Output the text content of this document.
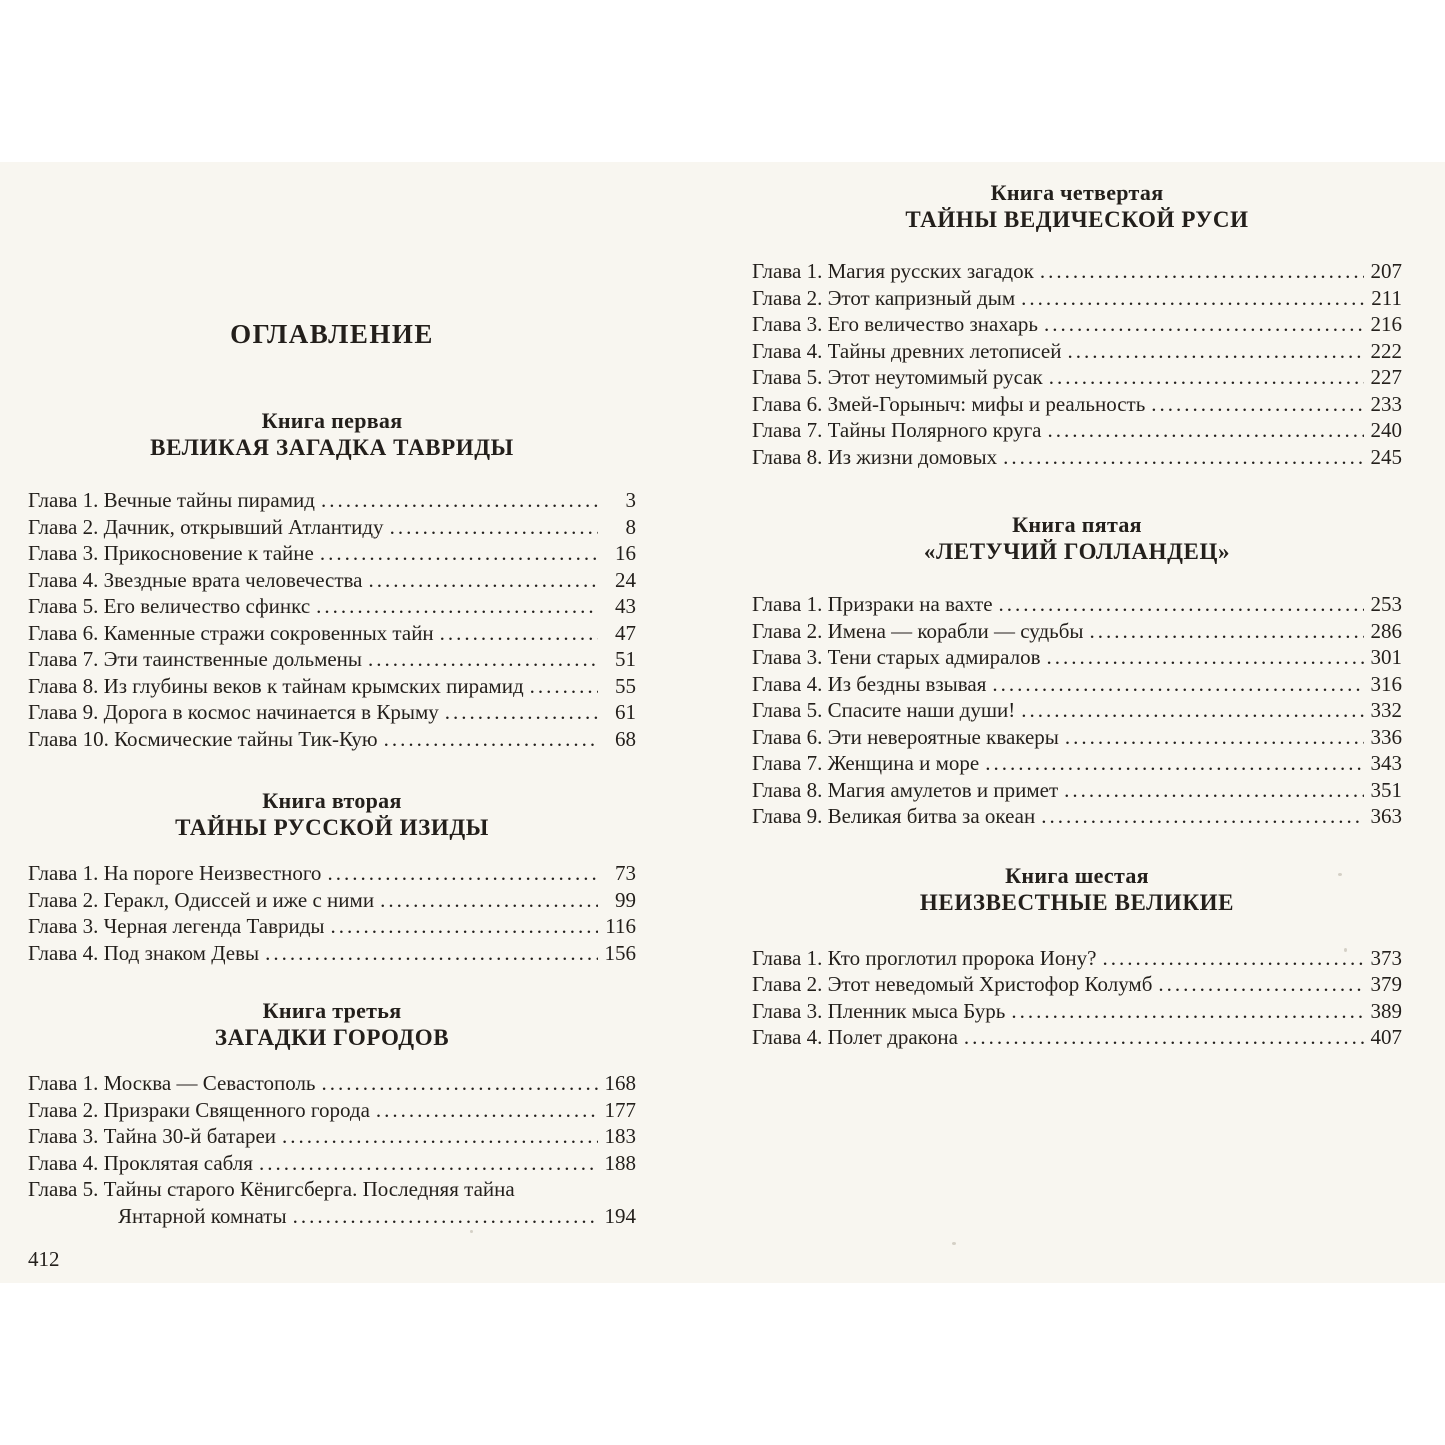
ОГЛАВЛЕНИЕ
Книга первая
ВЕЛИКАЯ ЗАГАДКА ТАВРИДЫ
Глава 1. Вечные тайны пирамид .....	3
Глава 2. Дачник, открывший Атлантиду .....	8
Глава 3. Прикосновение к тайне .....	16
Глава 4. Звездные врата человечества .....	24
Глава 5. Его величество сфинкс .....	43
Глава 6. Каменные стражи сокровенных тайн .....	47
Глава 7. Эти таинственные дольмены .....	51
Глава 8. Из глубины веков к тайнам крымских пирамид .....	55
Глава 9. Дорога в космос начинается в Крыму .....	61
Глава 10. Космические тайны Тик-Кую .....	68
Книга вторая
ТАЙНЫ РУССКОЙ ИЗИДЫ
Глава 1. На пороге Неизвестного .....	73
Глава 2. Геракл, Одиссей и иже с ними .....	99
Глава 3. Черная легенда Тавриды .....	116
Глава 4. Под знаком Девы .....	156
Книга третья
ЗАГАДКИ ГОРОДОВ
Глава 1. Москва — Севастополь .....	168
Глава 2. Призраки Священного города .....	177
Глава 3. Тайна 30-й батареи .....	183
Глава 4. Проклятая сабля .....	188
Глава 5. Тайны старого Кёнигсберга. Последняя тайна
Янтарной комнаты .....	194
412
Книга четвертая
ТАЙНЫ ВЕДИЧЕСКОЙ РУСИ
Глава 1. Магия русских загадок .....	207
Глава 2. Этот капризный дым .....	211
Глава 3. Его величество знахарь .....	216
Глава 4. Тайны древних летописей .....	222
Глава 5. Этот неутомимый русак .....	227
Глава 6. Змей-Горыныч: мифы и реальность .....	233
Глава 7. Тайны Полярного круга .....	240
Глава 8. Из жизни домовых .....	245
Книга пятая
«ЛЕТУЧИЙ ГОЛЛАНДЕЦ»
Глава 1. Призраки на вахте .....	253
Глава 2. Имена — корабли — судьбы .....	286
Глава 3. Тени старых адмиралов .....	301
Глава 4. Из бездны взывая .....	316
Глава 5. Спасите наши души! .....	332
Глава 6. Эти невероятные квакеры .....	336
Глава 7. Женщина и море .....	343
Глава 8. Магия амулетов и примет .....	351
Глава 9. Великая битва за океан .....	363
Книга шестая
НЕИЗВЕСТНЫЕ ВЕЛИКИЕ
Глава 1. Кто проглотил пророка Иону? .....	373
Глава 2. Этот неведомый Христофор Колумб .....	379
Глава 3. Пленник мыса Бурь .....	389
Глава 4. Полет дракона .....	407
